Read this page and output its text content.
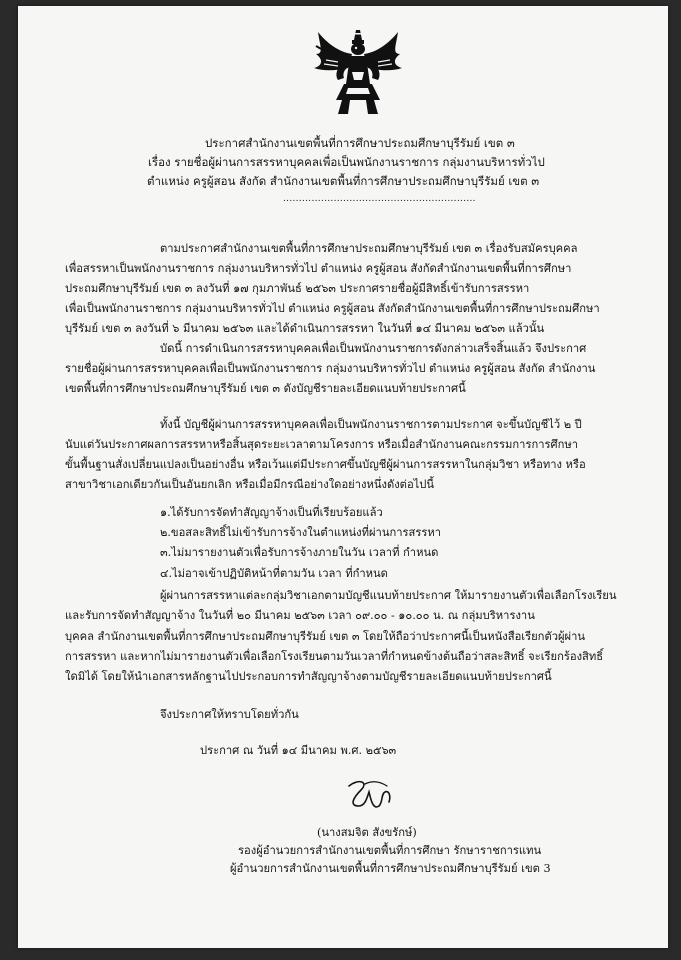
ประกาศสำนักงานเขตพื้นที่การศึกษาประถมศึกษาบุรีรัมย์ เขต ๓
เรื่อง รายชื่อผู้ผ่านการสรรหาบุคคลเพื่อเป็นพนักงานราชการ กลุ่มงานบริหารทั่วไป
ตำแหน่ง ครูผู้สอน สังกัด สำนักงานเขตพื้นที่การศึกษาประถมศึกษาบุรีรัมย์ เขต ๓
.............................................................
ตามประกาศสำนักงานเขตพื้นที่การศึกษาประถมศึกษาบุรีรัมย์ เขต ๓ เรื่องรับสมัครบุคคล
เพื่อสรรหาเป็นพนักงานราชการ กลุ่มงานบริหารทั่วไป ตำแหน่ง ครูผู้สอน สังกัดสำนักงานเขตพื้นที่การศึกษา
ประถมศึกษาบุรีรัมย์ เขต ๓ ลงวันที่ ๑๗ กุมภาพันธ์ ๒๕๖๓ ประกาศรายชื่อผู้มีสิทธิ์เข้ารับการสรรหา
เพื่อเป็นพนักงานราชการ กลุ่มงานบริหารทั่วไป ตำแหน่ง ครูผู้สอน สังกัดสำนักงานเขตพื้นที่การศึกษาประถมศึกษา
บุรีรัมย์ เขต ๓ ลงวันที่ ๖ มีนาคม ๒๕๖๓ และได้ดำเนินการสรรหา ในวันที่ ๑๔ มีนาคม ๒๕๖๓ แล้วนั้น
บัดนี้ การดำเนินการสรรหาบุคคลเพื่อเป็นพนักงานราชการดังกล่าวเสร็จสิ้นแล้ว จึงประกาศ
รายชื่อผู้ผ่านการสรรหาบุคคลเพื่อเป็นพนักงานราชการ กลุ่มงานบริหารทั่วไป ตำแหน่ง ครูผู้สอน สังกัด สำนักงาน
เขตพื้นที่การศึกษาประถมศึกษาบุรีรัมย์ เขต ๓ ดังบัญชีรายละเอียดแนบท้ายประกาศนี้
ทั้งนี้ บัญชีผู้ผ่านการสรรหาบุคคลเพื่อเป็นพนักงานราชการตามประกาศ จะขึ้นบัญชีไว้ ๒ ปี
นับแต่วันประกาศผลการสรรหาหรือสิ้นสุดระยะเวลาตามโครงการ หรือเมื่อสำนักงานคณะกรรมการการศึกษา
ขั้นพื้นฐานสั่งเปลี่ยนแปลงเป็นอย่างอื่น หรือเว้นแต่มีประกาศขึ้นบัญชีผู้ผ่านการสรรหาในกลุ่มวิชา หรือทาง หรือ
สาขาวิชาเอกเดียวกันเป็นอันยกเลิก หรือเมื่อมีกรณีอย่างใดอย่างหนึ่งดังต่อไปนี้
๑.ได้รับการจัดทำสัญญาจ้างเป็นที่เรียบร้อยแล้ว
๒.ขอสละสิทธิ์ไม่เข้ารับการจ้างในตำแหน่งที่ผ่านการสรรหา
๓.ไม่มารายงานตัวเพื่อรับการจ้างภายในวัน เวลาที่ กำหนด
๔.ไม่อาจเข้าปฏิบัติหน้าที่ตามวัน เวลา ที่กำหนด
ผู้ผ่านการสรรหาแต่ละกลุ่มวิชาเอกตามบัญชีแนบท้ายประกาศ ให้มารายงานตัวเพื่อเลือกโรงเรียน
และรับการจัดทำสัญญาจ้าง ในวันที่ ๒๐ มีนาคม ๒๕๖๓ เวลา ๐๙.๐๐ - ๑๐.๐๐ น. ณ กลุ่มบริหารงาน
บุคคล สำนักงานเขตพื้นที่การศึกษาประถมศึกษาบุรีรัมย์ เขต ๓ โดยให้ถือว่าประกาศนี้เป็นหนังสือเรียกตัวผู้ผ่าน
การสรรหา และหากไม่มารายงานตัวเพื่อเลือกโรงเรียนตามวันเวลาที่กำหนดข้างต้นถือว่าสละสิทธิ์ จะเรียกร้องสิทธิ์
ใดมิได้ โดยให้นำเอกสารหลักฐานไปประกอบการทำสัญญาจ้างตามบัญชีรายละเอียดแนบท้ายประกาศนี้
จึงประกาศให้ทราบโดยทั่วกัน
ประกาศ ณ วันที่ ๑๔ มีนาคม พ.ศ. ๒๕๖๓
(นางสมจิต สังขรักษ์)
รองผู้อำนวยการสำนักงานเขตพื้นที่การศึกษา รักษาราชการแทน
ผู้อำนวยการสำนักงานเขตพื้นที่การศึกษาประถมศึกษาบุรีรัมย์ เขต 3
